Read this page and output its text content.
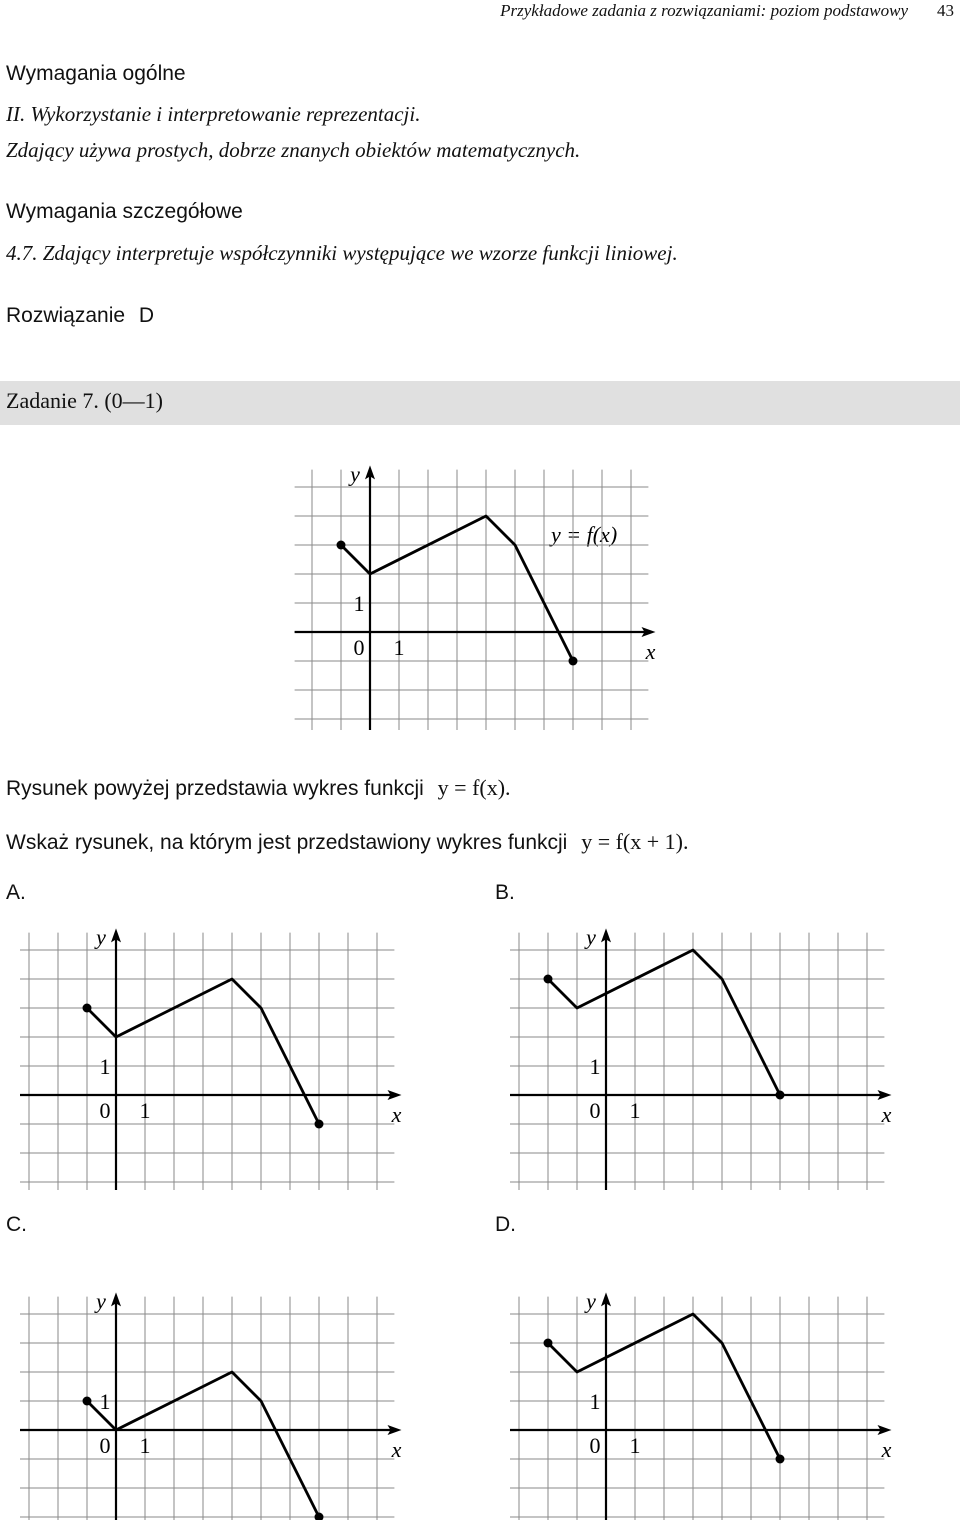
Przykładowe zadania z rozwiązaniami: poziom podstawowy 43
Wymagania ogólne
II. Wykorzystanie i interpretowanie reprezentacji.
Zdający używa prostych, dobrze znanych obiektów matematycznych.
Wymagania szczegółowe
4.7. Zdający interpretuje współczynniki występujące we wzorze funkcji liniowej.
Rozwiązanie D
Zadanie 7. (0—1)
y = f(x)
x
y
0 1
1
Rysunek powyżej przedstawia wykres funkcji y = f(x).
Wskaż rysunek, na którym jest przedstawiony wykres funkcji y = f(x + 1).
A.	B.
C.	D.
x
y
0 1
1
x
y
0 1
1
x
y
0 1
1
x
y
0 1
1
